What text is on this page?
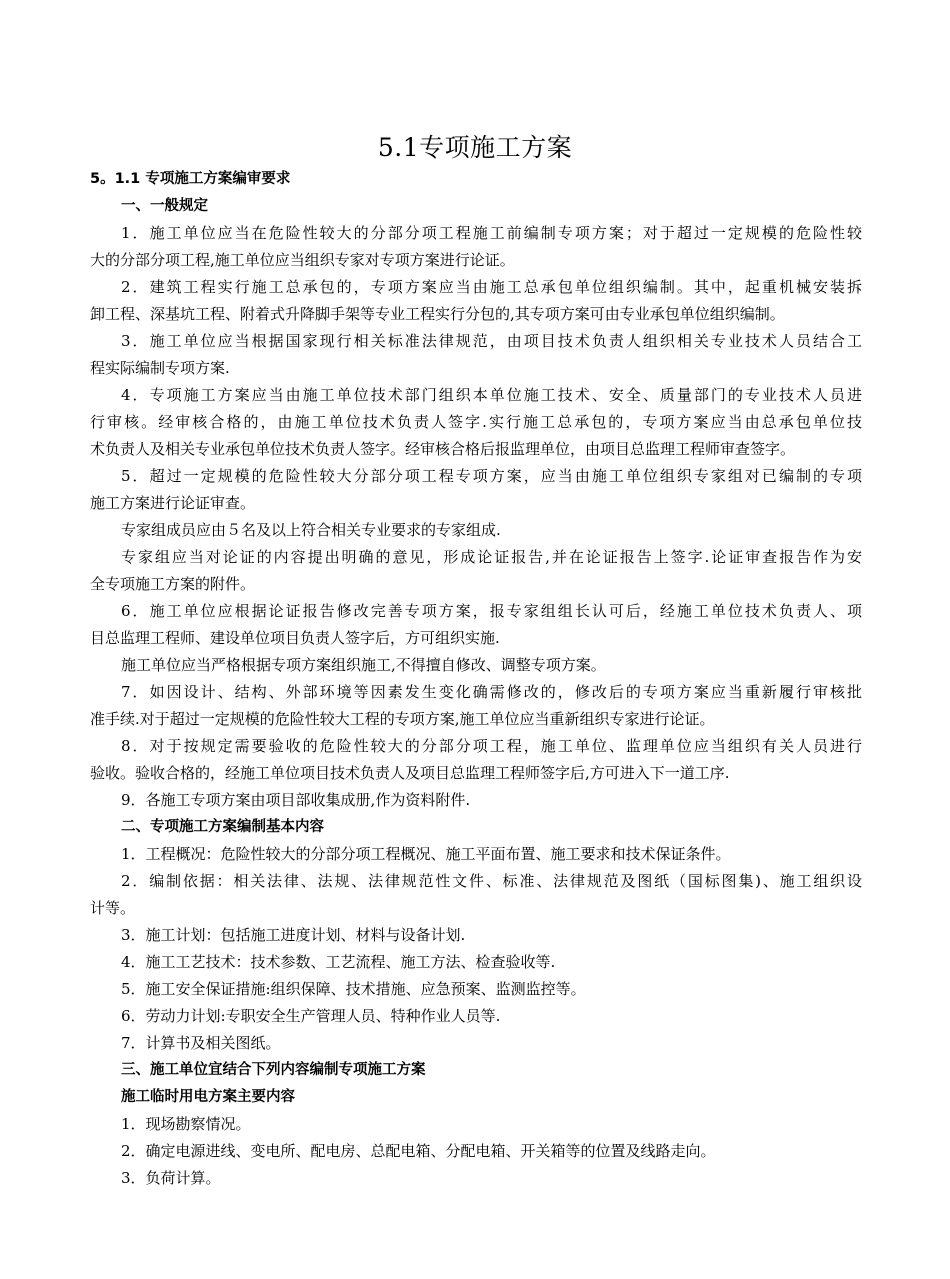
5.1专项施工方案
5。1.1 专项施工方案编审要求
一、一般规定
1．施工单位应当在危险性较大的分部分项工程施工前编制专项方案；对于超过一定规模的危险性较
大的分部分项工程,施工单位应当组织专家对专项方案进行论证。
2．建筑工程实行施工总承包的，专项方案应当由施工总承包单位组织编制。其中，起重机械安装拆
卸工程、深基坑工程、附着式升降脚手架等专业工程实行分包的,其专项方案可由专业承包单位组织编制。
3．施工单位应当根据国家现行相关标准法律规范，由项目技术负责人组织相关专业技术人员结合工
程实际编制专项方案.
4．专项施工方案应当由施工单位技术部门组织本单位施工技术、安全、质量部门的专业技术人员进
行审核。经审核合格的，由施工单位技术负责人签字.实行施工总承包的，专项方案应当由总承包单位技
术负责人及相关专业承包单位技术负责人签字。经审核合格后报监理单位，由项目总监理工程师审查签字。
5．超过一定规模的危险性较大分部分项工程专项方案，应当由施工单位组织专家组对已编制的专项
施工方案进行论证审查。
专家组成员应由５名及以上符合相关专业要求的专家组成.
专家组应当对论证的内容提出明确的意见，形成论证报告,并在论证报告上签字.论证审查报告作为安
全专项施工方案的附件。
6．施工单位应根据论证报告修改完善专项方案，报专家组组长认可后，经施工单位技术负责人、项
目总监理工程师、建设单位项目负责人签字后，方可组织实施.
施工单位应当严格根据专项方案组织施工,不得擅自修改、调整专项方案。
7．如因设计、结构、外部环境等因素发生变化确需修改的，修改后的专项方案应当重新履行审核批
准手续.对于超过一定规模的危险性较大工程的专项方案,施工单位应当重新组织专家进行论证。
8．对于按规定需要验收的危险性较大的分部分项工程，施工单位、监理单位应当组织有关人员进行
验收。验收合格的，经施工单位项目技术负责人及项目总监理工程师签字后,方可进入下一道工序.
9．各施工专项方案由项目部收集成册,作为资料附件.
二、专项施工方案编制基本内容
1．工程概况：危险性较大的分部分项工程概况、施工平面布置、施工要求和技术保证条件。
2．编制依据：相关法律、法规、法律规范性文件、标准、法律规范及图纸（国标图集)、施工组织设
计等。
3．施工计划：包括施工进度计划、材料与设备计划.
4．施工工艺技术：技术参数、工艺流程、施工方法、检查验收等.
5．施工安全保证措施:组织保障、技术措施、应急预案、监测监控等。
6．劳动力计划:专职安全生产管理人员、特种作业人员等.
7．计算书及相关图纸。
三、施工单位宜结合下列内容编制专项施工方案
施工临时用电方案主要内容
1．现场勘察情况。
2．确定电源进线、变电所、配电房、总配电箱、分配电箱、开关箱等的位置及线路走向。
3．负荷计算。
